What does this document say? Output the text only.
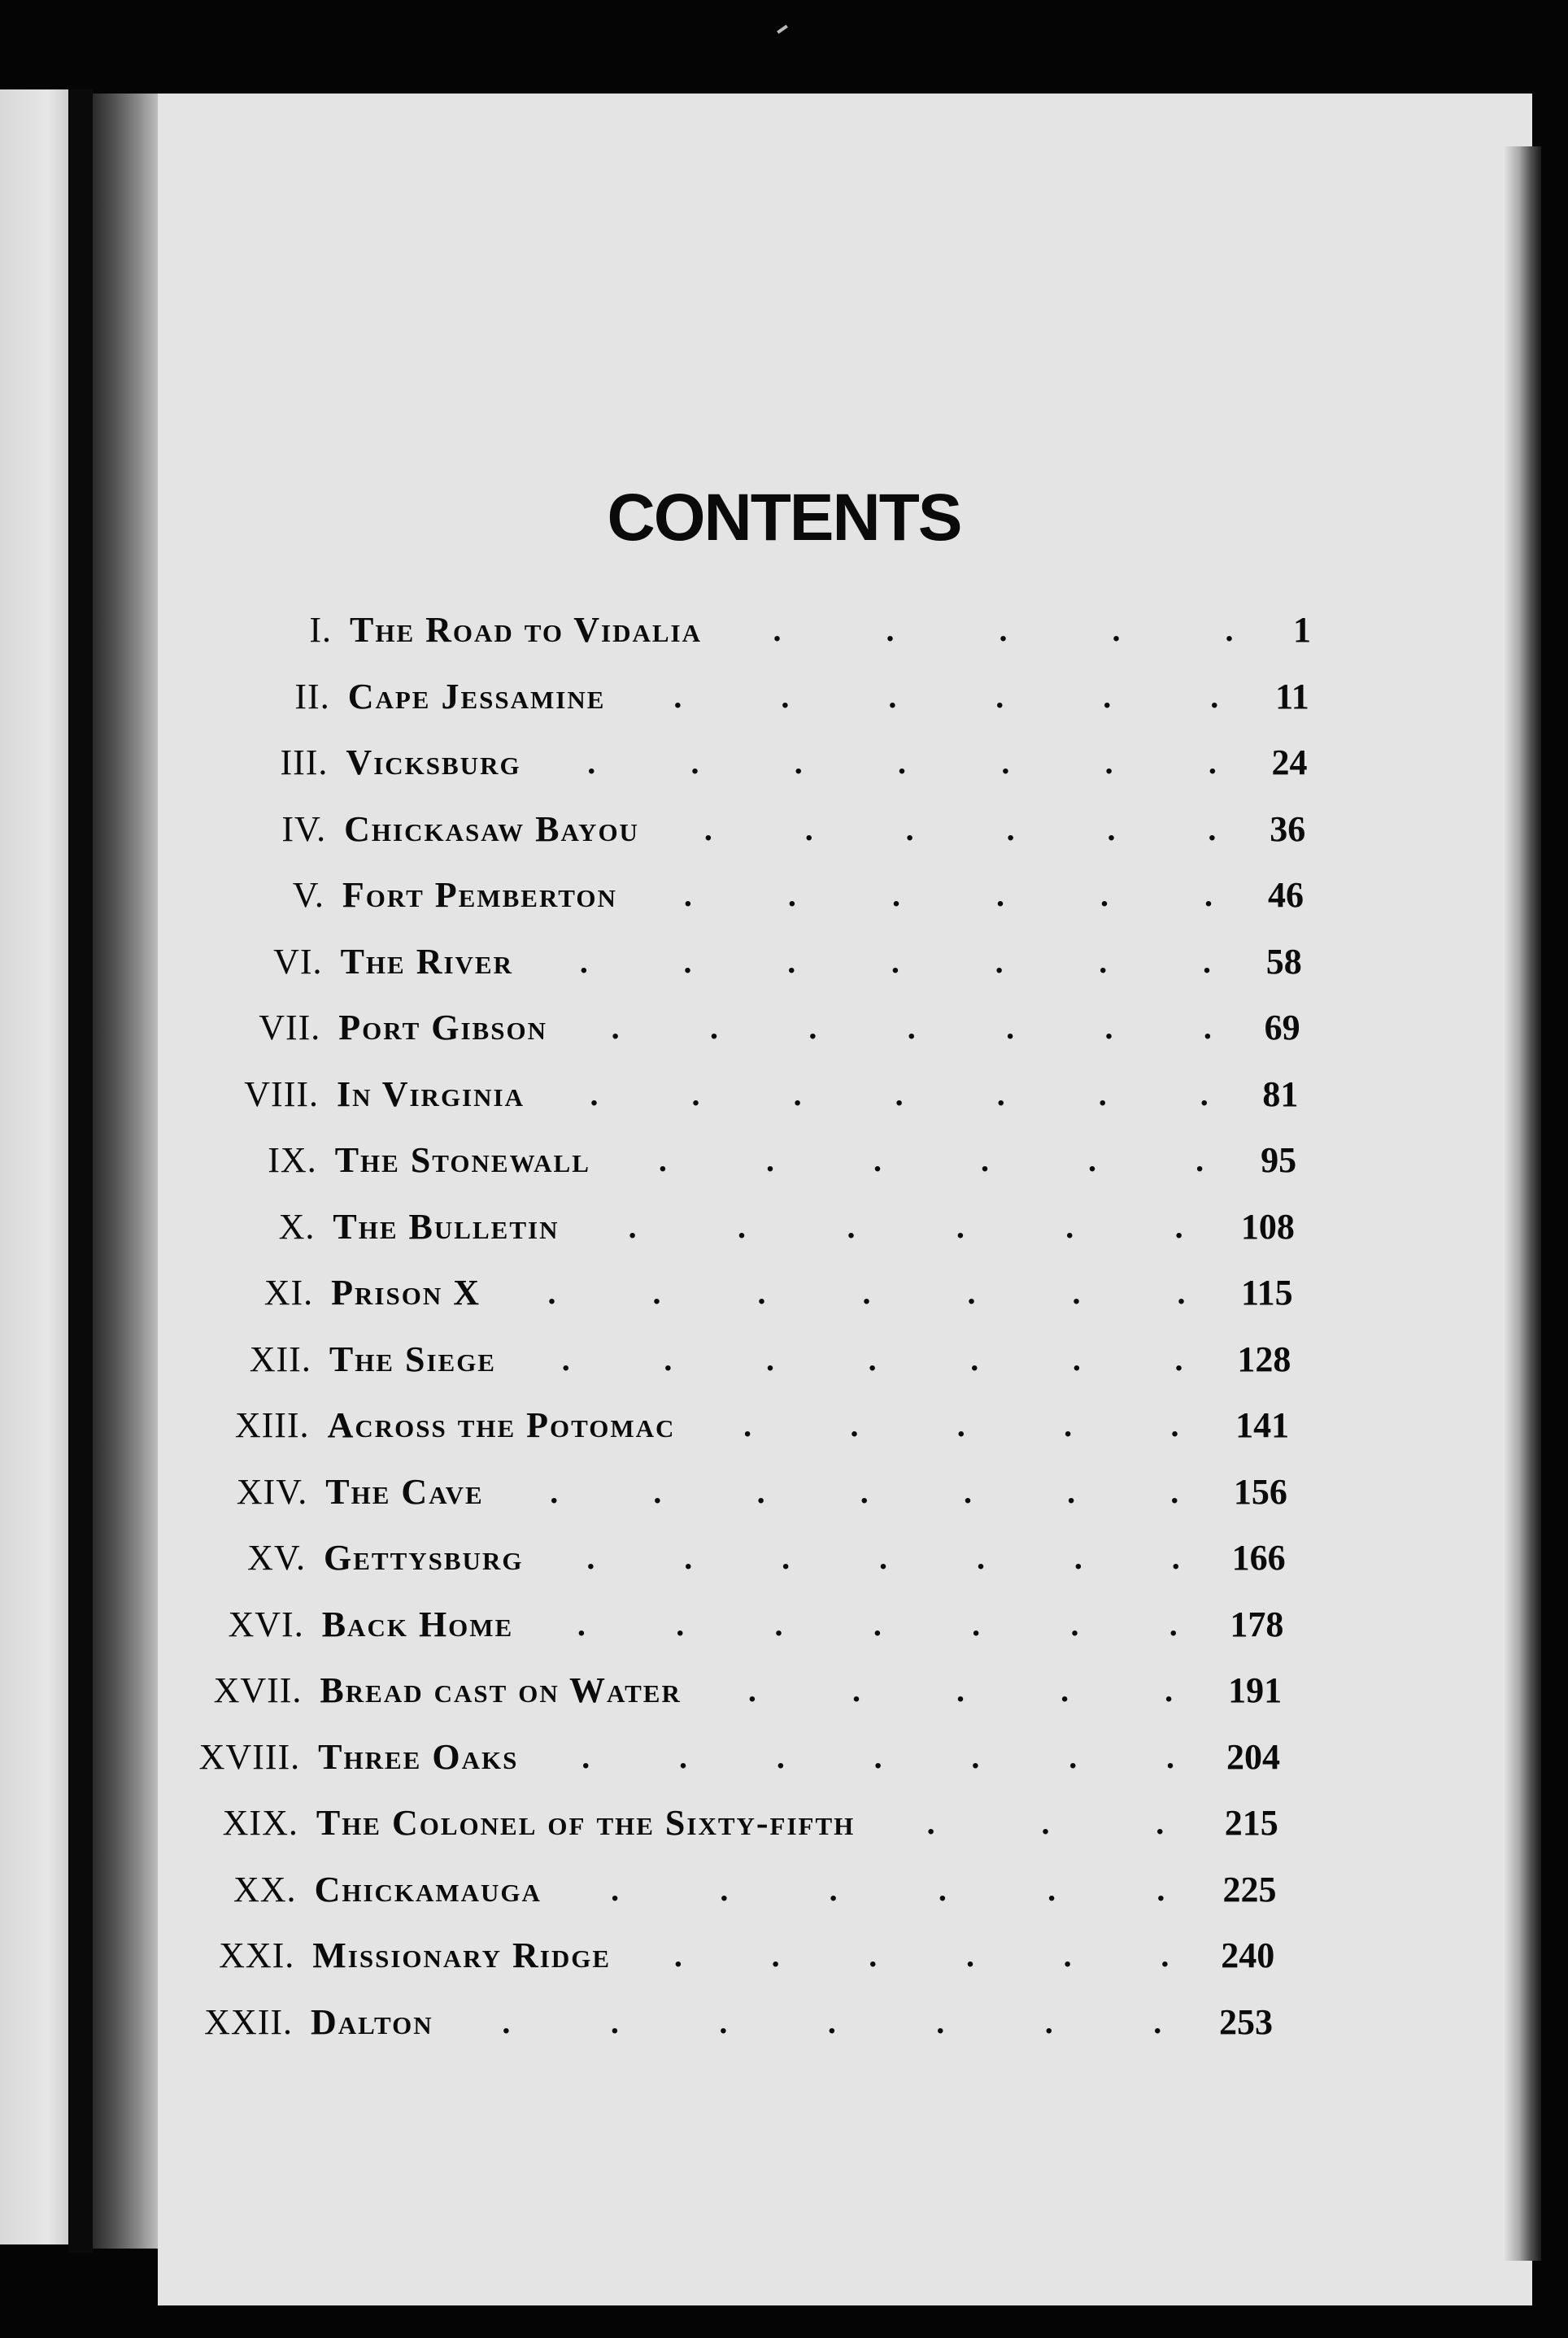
CONTENTS
I. The Road to Vidalia	1
.	.	.	.	.
II. Cape Jessamine	11
.	.	.	.	.	.
III. Vicksburg	24
.	.	.	.	.	.	.
IV. Chickasaw Bayou	36
.	.	.	.	.	.
V. Fort Pemberton	46
.	.	.	.	.	.
VI. The River	58
.	.	.	.	.	.	.
VII. Port Gibson	69
.	.	.	.	.	.	.
VIII. In Virginia	81
.	.	.	.	.	.	.
IX. The Stonewall	95
.	.	.	.	.	.
X. The Bulletin	108
.	.	.	.	.	.
XI. Prison X	115
.	.	.	.	.	.	.
XII. The Siege	128
.	.	.	.	.	.	.
XIII. Across the Potomac	141
.	.	.	.	.
XIV. The Cave	156
.	.	.	.	.	.	.
XV. Gettysburg	166
.	.	.	.	.	.	.
XVI. Back Home	178
.	.	.	.	.	.	.
XVII. Bread cast on Water	191
.	.	.	.	.
XVIII. Three Oaks	204
.	.	.	.	.	.	.
XIX. The Colonel of the Sixty-fifth	215
.	.	.
XX. Chickamauga	225
.	.	.	.	.	.
XXI. Missionary Ridge	240
.	.	.	.	.	.
XXII. Dalton	253
.	.	.	.	.	.	.
